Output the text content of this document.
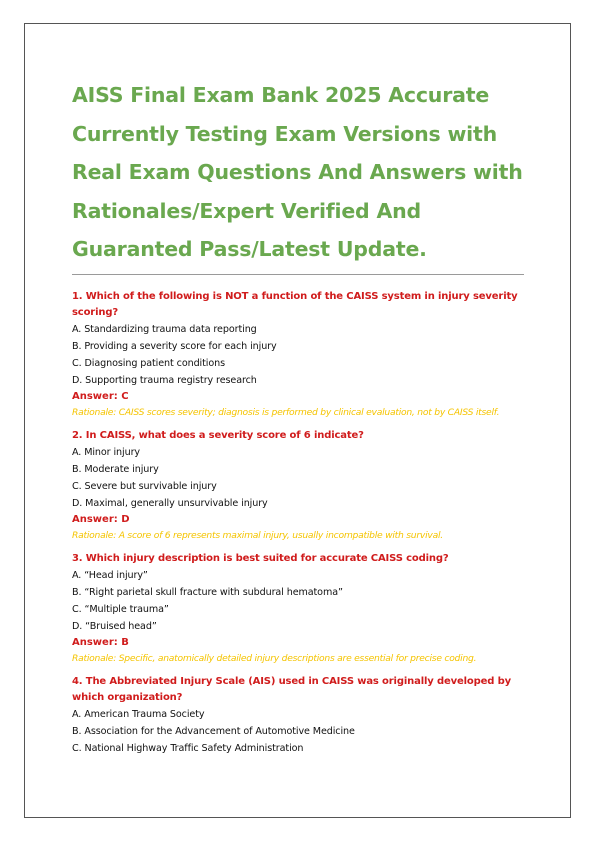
AISS Final Exam Bank 2025 Accurate Currently Testing Exam Versions with Real Exam Questions And Answers with Rationales/Expert Verified And Guaranted Pass/Latest Update.
1. Which of the following is NOT a function of the CAISS system in injury severity scoring?
A. Standardizing trauma data reporting
B. Providing a severity score for each injury
C. Diagnosing patient conditions
D. Supporting trauma registry research
Answer: C
Rationale: CAISS scores severity; diagnosis is performed by clinical evaluation, not by CAISS itself.
2. In CAISS, what does a severity score of 6 indicate?
A. Minor injury
B. Moderate injury
C. Severe but survivable injury
D. Maximal, generally unsurvivable injury
Answer: D
Rationale: A score of 6 represents maximal injury, usually incompatible with survival.
3. Which injury description is best suited for accurate CAISS coding?
A. “Head injury”
B. “Right parietal skull fracture with subdural hematoma”
C. “Multiple trauma”
D. “Bruised head”
Answer: B
Rationale: Specific, anatomically detailed injury descriptions are essential for precise coding.
4. The Abbreviated Injury Scale (AIS) used in CAISS was originally developed by which organization?
A. American Trauma Society
B. Association for the Advancement of Automotive Medicine
C. National Highway Traffic Safety Administration
